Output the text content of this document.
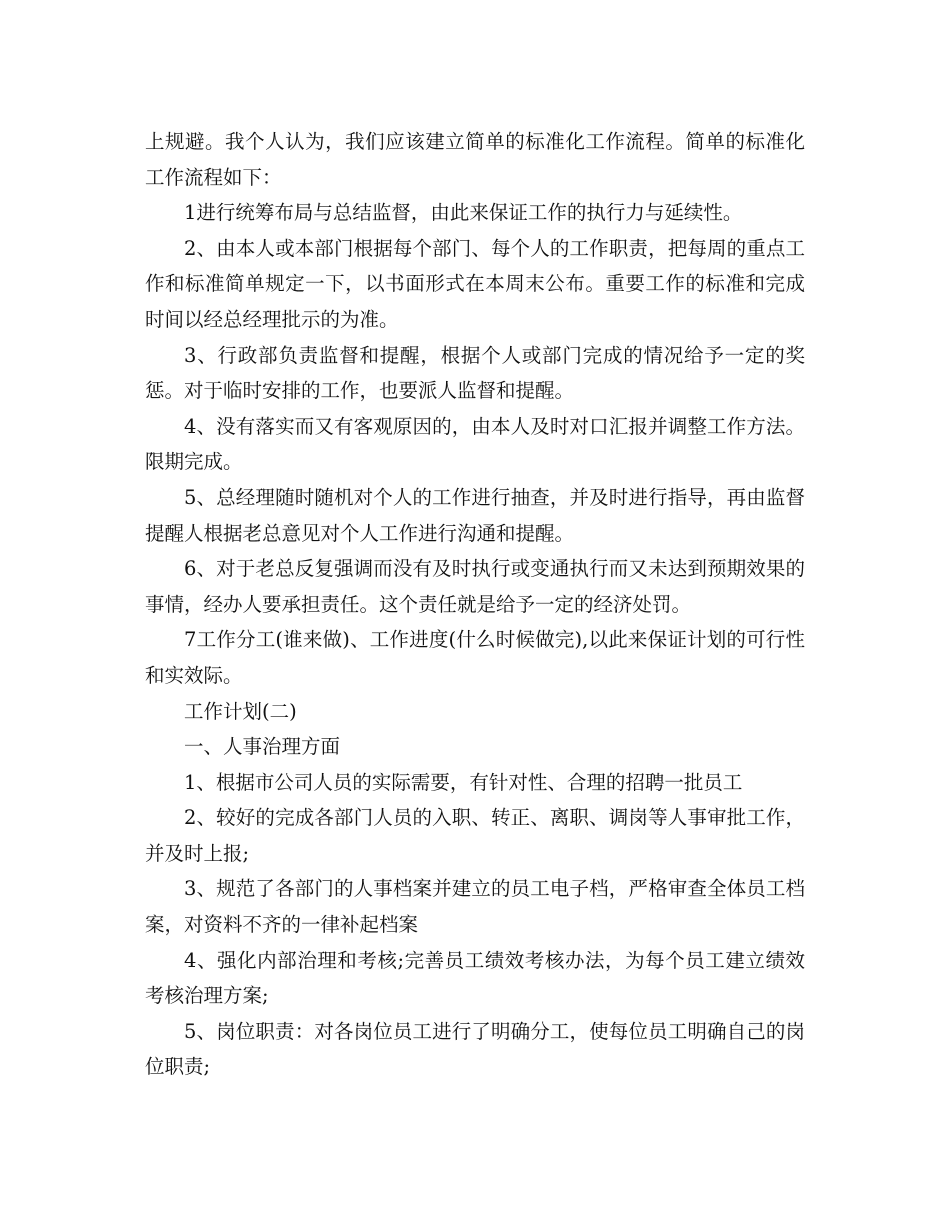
上规避。我个人认为，我们应该建立简单的标准化工作流程。简单的标准化工作流程如下：

1进行统筹布局与总结监督，由此来保证工作的执行力与延续性。

2、由本人或本部门根据每个部门、每个人的工作职责，把每周的重点工作和标准简单规定一下，以书面形式在本周末公布。重要工作的标准和完成时间以经总经理批示的为准。

3、行政部负责监督和提醒，根据个人或部门完成的情况给予一定的奖惩。对于临时安排的工作，也要派人监督和提醒。

4、没有落实而又有客观原因的，由本人及时对口汇报并调整工作方法。限期完成。

5、总经理随时随机对个人的工作进行抽查，并及时进行指导，再由监督提醒人根据老总意见对个人工作进行沟通和提醒。

6、对于老总反复强调而没有及时执行或变通执行而又未达到预期效果的事情，经办人要承担责任。这个责任就是给予一定的经济处罚。

7工作分工(谁来做)、工作进度(什么时候做完),以此来保证计划的可行性和实效际。

工作计划(二)

一、人事治理方面

1、根据市公司人员的实际需要，有针对性、合理的招聘一批员工

2、较好的完成各部门人员的入职、转正、离职、调岗等人事审批工作，并及时上报;

3、规范了各部门的人事档案并建立的员工电子档，严格审查全体员工档案，对资料不齐的一律补起档案

4、强化内部治理和考核;完善员工绩效考核办法，为每个员工建立绩效考核治理方案;

5、岗位职责：对各岗位员工进行了明确分工，使每位员工明确自己的岗位职责;
